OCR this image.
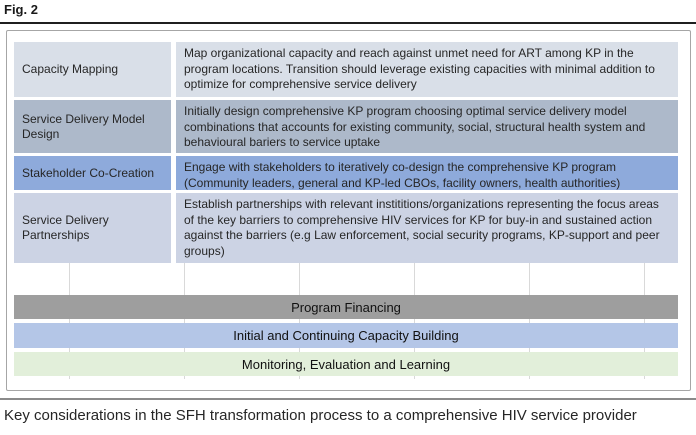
Fig. 2
Capacity Mapping
Map organizational capacity and reach against unmet need for ART among KP in the program locations. Transition should leverage existing capacities with minimal addition to optimize for comprehensive service delivery
Service Delivery Model Design
Initially design comprehensive KP program choosing optimal service delivery model combinations that accounts for existing community, social, structural health system and behavioural bariers to service uptake
Stakeholder Co-Creation	Engage with stakeholders to iteratively co-design the comprehensive KP program (Community leaders, general and KP-led CBOs, facility owners, health authorities)
Service Delivery Partnerships
Establish partnerships with relevant instititions/organizations representing the focus areas of the key barriers to comprehensive HIV services for KP for buy-in and sustained action against the barriers (e.g Law enforcement, social security programs, KP-support and peer groups)
Program Financing
Initial and Continuing Capacity Building
Monitoring, Evaluation and Learning
Key considerations in the SFH transformation process to a comprehensive HIV service provider
